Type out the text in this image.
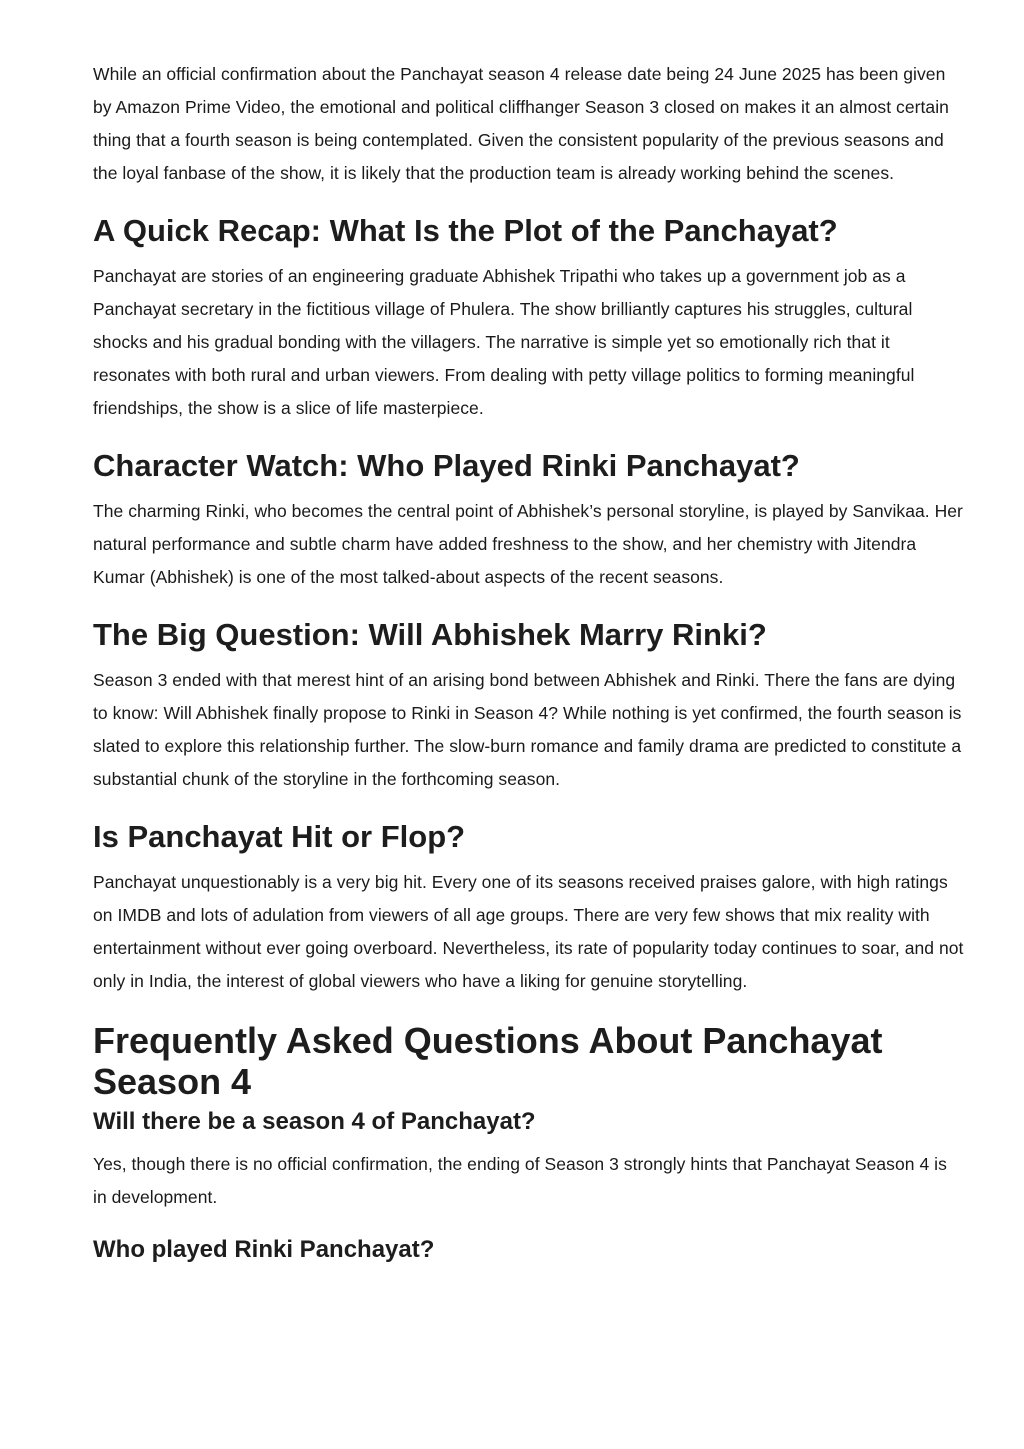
While an official confirmation about the Panchayat season 4 release date being 24 June 2025 has been given by Amazon Prime Video, the emotional and political cliffhanger Season 3 closed on makes it an almost certain thing that a fourth season is being contemplated. Given the consistent popularity of the previous seasons and the loyal fanbase of the show, it is likely that the production team is already working behind the scenes.

A Quick Recap: What Is the Plot of the Panchayat?

Panchayat are stories of an engineering graduate Abhishek Tripathi who takes up a government job as a Panchayat secretary in the fictitious village of Phulera. The show brilliantly captures his struggles, cultural shocks and his gradual bonding with the villagers. The narrative is simple yet so emotionally rich that it resonates with both rural and urban viewers. From dealing with petty village politics to forming meaningful friendships, the show is a slice of life masterpiece.

Character Watch: Who Played Rinki Panchayat?

The charming Rinki, who becomes the central point of Abhishek’s personal storyline, is played by Sanvikaa. Her natural performance and subtle charm have added freshness to the show, and her chemistry with Jitendra Kumar (Abhishek) is one of the most talked-about aspects of the recent seasons.

The Big Question: Will Abhishek Marry Rinki?

Season 3 ended with that merest hint of an arising bond between Abhishek and Rinki. There the fans are dying to know: Will Abhishek finally propose to Rinki in Season 4? While nothing is yet confirmed, the fourth season is slated to explore this relationship further. The slow-burn romance and family drama are predicted to constitute a substantial chunk of the storyline in the forthcoming season.

Is Panchayat Hit or Flop?

Panchayat unquestionably is a very big hit. Every one of its seasons received praises galore, with high ratings on IMDB and lots of adulation from viewers of all age groups. There are very few shows that mix reality with entertainment without ever going overboard. Nevertheless, its rate of popularity today continues to soar, and not only in India, the interest of global viewers who have a liking for genuine storytelling.

Frequently Asked Questions About Panchayat Season 4
Will there be a season 4 of Panchayat?

Yes, though there is no official confirmation, the ending of Season 3 strongly hints that Panchayat Season 4 is in development.

Who played Rinki Panchayat?
